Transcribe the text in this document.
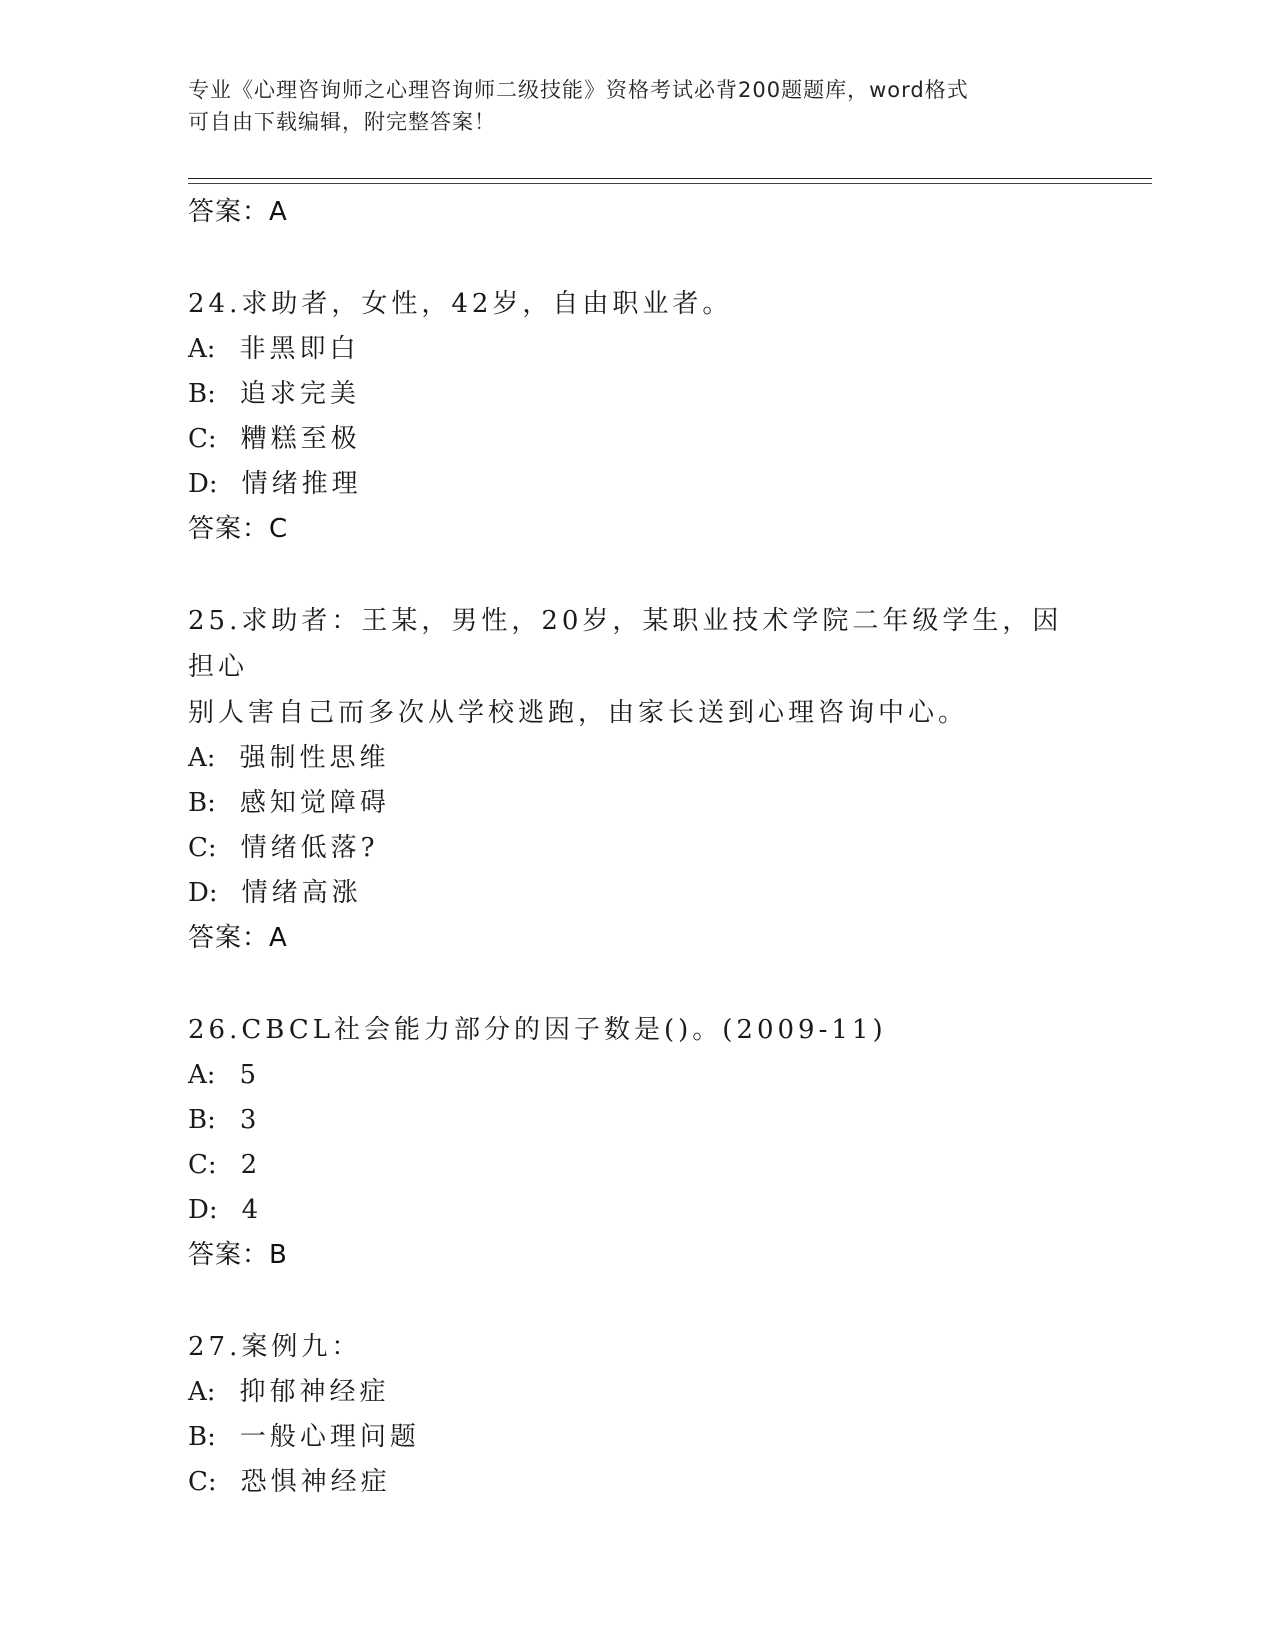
专业《心理咨询师之心理咨询师二级技能》资格考试必背200题题库，word格式
可自由下载编辑，附完整答案！
答案：A
24.求助者，女性，42岁，自由职业者。
A: 非黑即白
B: 追求完美
C: 糟糕至极
D: 情绪推理
答案：C
25.求助者：王某，男性，20岁，某职业技术学院二年级学生，因担心
别人害自己而多次从学校逃跑，由家长送到心理咨询中心。
A: 强制性思维
B: 感知觉障碍
C: 情绪低落?
D: 情绪高涨
答案：A
26.CBCL社会能力部分的因子数是()。(2009-11)
A: 5
B: 3
C: 2
D: 4
答案：B
27.案例九：
A: 抑郁神经症
B: 一般心理问题
C: 恐惧神经症
